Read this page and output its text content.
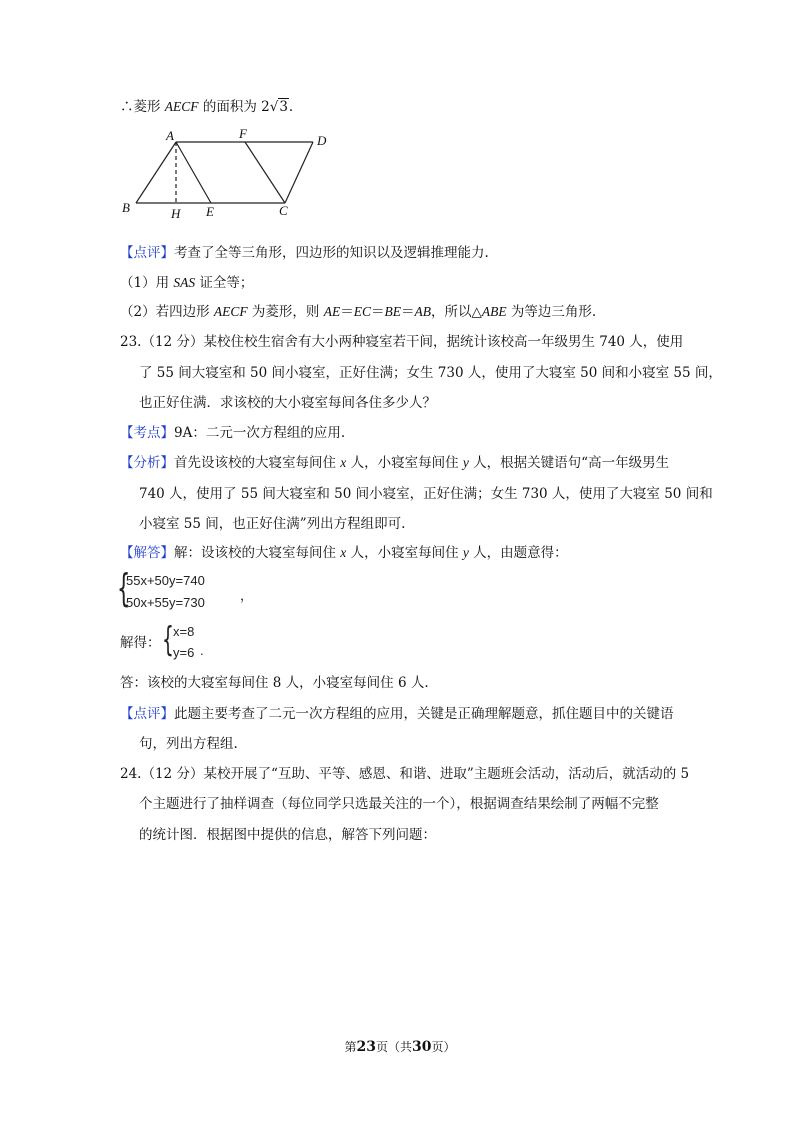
∴菱形 AECF 的面积为 2√3.
A	F	D
B	H E	C
【点评】考查了全等三角形，四边形的知识以及逻辑推理能力.
（1）用 SAS 证全等；
（2）若四边形 AECF 为菱形，则 AE＝EC＝BE＝AB，所以△ABE 为等边三角形.
23.（12 分）某校住校生宿舍有大小两种寝室若干间，据统计该校高一年级男生 740 人，使用
了 55 间大寝室和 50 间小寝室，正好住满；女生 730 人，使用了大寝室 50 间和小寝室 55 间，
也正好住满．求该校的大小寝室每间各住多少人？
【考点】9A：二元一次方程组的应用.
【分析】首先设该校的大寝室每间住 x 人，小寝室每间住 y 人，根据关键语句“高一年级男生
740 人，使用了 55 间大寝室和 50 间小寝室，正好住满；女生 730 人，使用了大寝室 50 间和
小寝室 55 间，也正好住满”列出方程组即可.
【解答】解：设该校的大寝室每间住 x 人，小寝室每间住 y 人，由题意得：
{
55x+50y=740
50x+55y=730	，
解得： { x=8
y=6 .
答：该校的大寝室每间住 8 人，小寝室每间住 6 人.
【点评】此题主要考查了二元一次方程组的应用，关键是正确理解题意，抓住题目中的关键语
句，列出方程组.
24.（12 分）某校开展了“互助、平等、感恩、和谐、进取”主题班会活动，活动后，就活动的 5
个主题进行了抽样调查（每位同学只选最关注的一个），根据调查结果绘制了两幅不完整
的统计图．根据图中提供的信息，解答下列问题：
第23页（共30页）
